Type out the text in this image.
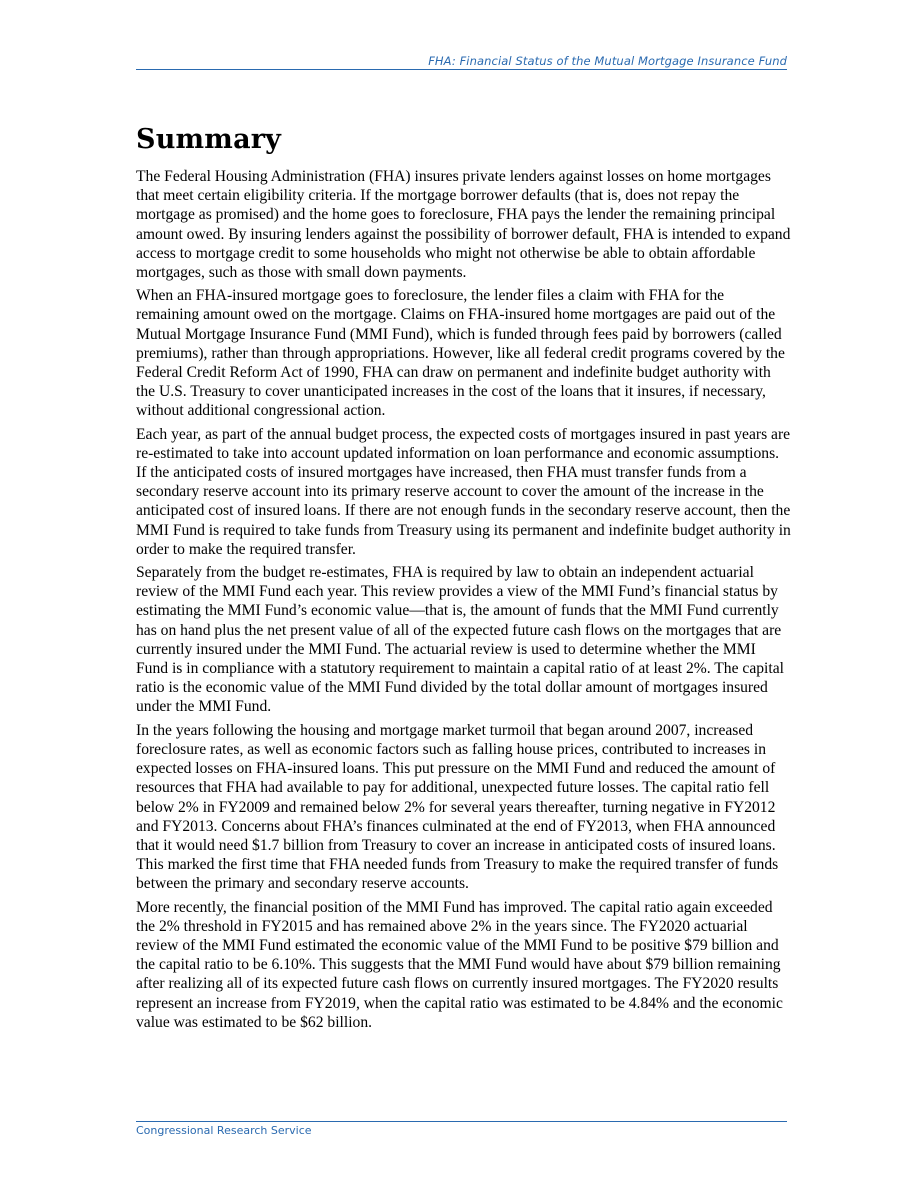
FHA: Financial Status of the Mutual Mortgage Insurance Fund
Summary

The Federal Housing Administration (FHA) insures private lenders against losses on home mortgages that meet certain eligibility criteria. If the mortgage borrower defaults (that is, does not repay the mortgage as promised) and the home goes to foreclosure, FHA pays the lender the remaining principal amount owed. By insuring lenders against the possibility of borrower default, FHA is intended to expand access to mortgage credit to some households who might not otherwise be able to obtain affordable mortgages, such as those with small down payments.

When an FHA-insured mortgage goes to foreclosure, the lender files a claim with FHA for the remaining amount owed on the mortgage. Claims on FHA-insured home mortgages are paid out of the Mutual Mortgage Insurance Fund (MMI Fund), which is funded through fees paid by borrowers (called premiums), rather than through appropriations. However, like all federal credit programs covered by the Federal Credit Reform Act of 1990, FHA can draw on permanent and indefinite budget authority with the U.S. Treasury to cover unanticipated increases in the cost of the loans that it insures, if necessary, without additional congressional action.

Each year, as part of the annual budget process, the expected costs of mortgages insured in past years are re-estimated to take into account updated information on loan performance and economic assumptions. If the anticipated costs of insured mortgages have increased, then FHA must transfer funds from a secondary reserve account into its primary reserve account to cover the amount of the increase in the anticipated cost of insured loans. If there are not enough funds in the secondary reserve account, then the MMI Fund is required to take funds from Treasury using its permanent and indefinite budget authority in order to make the required transfer.

Separately from the budget re-estimates, FHA is required by law to obtain an independent actuarial review of the MMI Fund each year. This review provides a view of the MMI Fund’s financial status by estimating the MMI Fund’s economic value—that is, the amount of funds that the MMI Fund currently has on hand plus the net present value of all of the expected future cash flows on the mortgages that are currently insured under the MMI Fund. The actuarial review is used to determine whether the MMI Fund is in compliance with a statutory requirement to maintain a capital ratio of at least 2%. The capital ratio is the economic value of the MMI Fund divided by the total dollar amount of mortgages insured under the MMI Fund.

In the years following the housing and mortgage market turmoil that began around 2007, increased foreclosure rates, as well as economic factors such as falling house prices, contributed to increases in expected losses on FHA-insured loans. This put pressure on the MMI Fund and reduced the amount of resources that FHA had available to pay for additional, unexpected future losses. The capital ratio fell below 2% in FY2009 and remained below 2% for several years thereafter, turning negative in FY2012 and FY2013. Concerns about FHA’s finances culminated at the end of FY2013, when FHA announced that it would need $1.7 billion from Treasury to cover an increase in anticipated costs of insured loans. This marked the first time that FHA needed funds from Treasury to make the required transfer of funds between the primary and secondary reserve accounts.

More recently, the financial position of the MMI Fund has improved. The capital ratio again exceeded the 2% threshold in FY2015 and has remained above 2% in the years since. The FY2020 actuarial review of the MMI Fund estimated the economic value of the MMI Fund to be positive $79 billion and the capital ratio to be 6.10%. This suggests that the MMI Fund would have about $79 billion remaining after realizing all of its expected future cash flows on currently insured mortgages. The FY2020 results represent an increase from FY2019, when the capital ratio was estimated to be 4.84% and the economic value was estimated to be $62 billion.

Congressional Research Service
